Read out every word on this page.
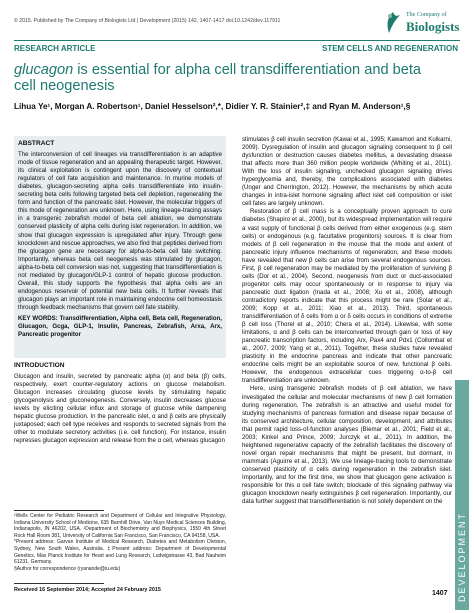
© 2015. Published by The Company of Biologists Ltd | Development (2015) 142, 1407-1417 doi:10.1242/dev.117911
The Company of
Biologists
RESEARCH ARTICLE	STEM CELLS AND REGENERATION
glucagon is essential for alpha cell transdifferentiation and beta cell neogenesis
Lihua Ye¹, Morgan A. Robertson¹, Daniel Hesselson²,*, Didier Y. R. Stainier²,‡ and Ryan M. Anderson¹,§

ABSTRACT

The interconversion of cell lineages via transdifferentiation is an adaptive mode of tissue regeneration and an appealing therapeutic target. However, its clinical exploitation is contingent upon the discovery of contextual regulators of cell fate acquisition and maintenance. In murine models of diabetes, glucagon-secreting alpha cells transdifferentiate into insulin-secreting beta cells following targeted beta cell depletion, regenerating the form and function of the pancreatic islet. However, the molecular triggers of this mode of regeneration are unknown. Here, using lineage-tracing assays in a transgenic zebrafish model of beta cell ablation, we demonstrate conserved plasticity of alpha cells during islet regeneration. In addition, we show that glucagon expression is upregulated after injury. Through gene knockdown and rescue approaches, we also find that peptides derived from the glucagon gene are necessary for alpha-to-beta cell fate switching. Importantly, whereas beta cell neogenesis was stimulated by glucagon, alpha-to-beta cell conversion was not, suggesting that transdifferentiation is not mediated by glucagon/GLP-1 control of hepatic glucose production. Overall, this study supports the hypothesis that alpha cells are an endogenous reservoir of potential new beta cells. It further reveals that glucagon plays an important role in maintaining endocrine cell homeostasis through feedback mechanisms that govern cell fate stability.

KEY WORDS: Transdifferentiation, Alpha cell, Beta cell, Regeneration, Glucagon, Gcga, GLP-1, Insulin, Pancreas, Zebrafish, Arxa, Arx, Pancreatic progenitor

INTRODUCTION

Glucagon and insulin, secreted by pancreatic alpha (α) and beta (β) cells, respectively, exert counter-regulatory actions on glucose metabolism. Glucagon increases circulating glucose levels by stimulating hepatic glycogenolysis and gluconeogenesis. Conversely, insulin decreases glucose levels by eliciting cellular influx and storage of glucose while dampening hepatic glucose production. In the pancreatic islet, α and β cells are physically juxtaposed; each cell type receives and responds to secreted signals from the other to modulate secretory activities (i.e. cell function). For instance, insulin represses glucagon expression and release from the α cell, whereas glucagon

¹Wells Center for Pediatric Research and Department of Cellular and Integrative Physiology, Indiana University School of Medicine, 635 Barnhill Drive, Van Nuys Medical Sciences Building, Indianapolis, IN 46202, USA. ²Department of Biochemistry and Biophysics, 1550 4th Street Rock Hall Room 381, University of California San Francisco, San Francisco, CA 94158, USA.

*Present address: Garvan Institute of Medical Research, Diabetes and Metabolism Division, Sydney, New South Wales, Australia. ‡Present address: Department of Developmental Genetics, Max Planck Institute for Heart and Lung Research, Ludwigstrasse 43, Bad Nauheim 61231, Germany.

§Author for correspondence (ryanande@iu.edu)

Received 16 September 2014; Accepted 24 February 2015

stimulates β cell insulin secretion (Kawai et al., 1995; Kawamori and Kulkarni, 2009). Dysregulation of insulin and glucagon signaling consequent to β cell dysfunction or destruction causes diabetes mellitus, a devastating disease that affects more than 360 million people worldwide (Whiting et al., 2011). With the loss of insulin signaling, unchecked glucagon signaling drives hyperglycemia and, thereby, the complications associated with diabetes (Unger and Cherrington, 2012). However, the mechanisms by which acute changes in intra-islet hormone signaling affect islet cell composition or islet cell fates are largely unknown.

Restoration of β cell mass is a conceptually proven approach to cure diabetes (Shapiro et al., 2000), but its widespread implementation will require a vast supply of functional β cells derived from either exogenous (e.g. stem cells) or endogenous (e.g. facultative progenitors) sources. It is clear from models of β cell regeneration in the mouse that the mode and extent of pancreatic injury influence mechanisms of regeneration, and these models have revealed that new β cells can arise from several endogenous sources. First, β cell regeneration may be mediated by the proliferation of surviving β cells (Dor et al., 2004). Second, neogenesis from duct or duct-associated progenitor cells may occur spontaneously or in response to injury via pancreatic duct ligation (Inada et al., 2008; Xu et al., 2008), although contradictory reports indicate that this process might be rare (Solar et al., 2009; Kopp et al., 2011; Xiao et al., 2013). Third, spontaneous transdifferentiation of δ cells from α or δ cells occurs in conditions of extreme β cell loss (Thorel et al., 2010; Chera et al., 2014). Likewise, with some limitations, α and β cells can be interconverted through gain or loss of key pancreatic transcription factors, including Arx, Pax4 and Pdx1 (Collombat et al., 2007, 2009; Yang et al., 2011). Together, these studies have revealed plasticity in the endocrine pancreas and indicate that other pancreatic endocrine cells might be an exploitable source of new, functional β cells. However, the endogenous extracellular cues triggering α-to-β cell transdifferentiation are unknown.

Here, using transgenic zebrafish models of β cell ablation, we have investigated the cellular and molecular mechanisms of new β cell formation during regeneration. The zebrafish is an attractive and useful model for studying mechanisms of pancreas formation and disease repair because of its conserved architecture, cellular composition, development, and attributes that permit rapid loss-of-function analyses (Biemar et al., 2001; Field et al., 2003; Kinkel and Prince, 2009; Jurczyk et al., 2011). In addition, the heightened regenerative capacity of the zebrafish facilitates the discovery of novel organ repair mechanisms that might be present, but dormant, in mammals (Aguirre et al., 2013). We use lineage-tracing tools to demonstrate conserved plasticity of α cells during regeneration in the zebrafish islet. Importantly, and for the first time, we show that glucagon gene activation is responsible for this α cell fate switch; blockade of this signaling pathway via glucagon knockdown nearly extinguishes β cell regeneration. Importantly, our data further suggest that transdifferentiation is not solely dependent on the

DEVELOPMENT
1407
